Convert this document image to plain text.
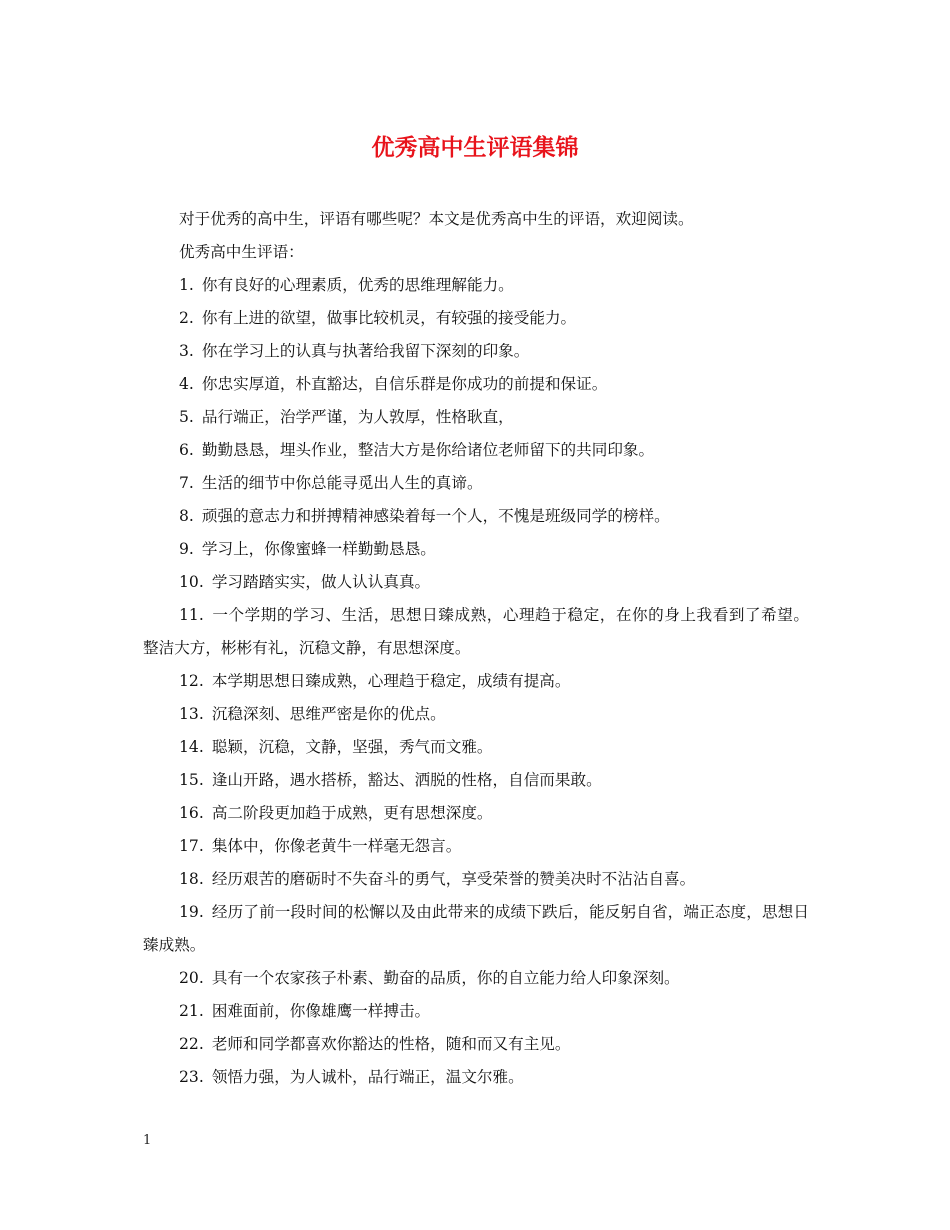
优秀高中生评语集锦

对于优秀的高中生，评语有哪些呢？本文是优秀高中生的评语，欢迎阅读。

优秀高中生评语：

1. 你有良好的心理素质，优秀的思维理解能力。

2. 你有上进的欲望，做事比较机灵，有较强的接受能力。

3. 你在学习上的认真与执著给我留下深刻的印象。

4. 你忠实厚道，朴直豁达，自信乐群是你成功的前提和保证。

5. 品行端正，治学严谨，为人敦厚，性格耿直，

6. 勤勤恳恳，埋头作业，整洁大方是你给诸位老师留下的共同印象。

7. 生活的细节中你总能寻觅出人生的真谛。

8. 顽强的意志力和拼搏精神感染着每一个人，不愧是班级同学的榜样。

9. 学习上，你像蜜蜂一样勤勤恳恳。

10. 学习踏踏实实，做人认认真真。

11. 一个学期的学习、生活，思想日臻成熟，心理趋于稳定，在你的身上我看到了希望。 整洁大方，彬彬有礼，沉稳文静，有思想深度。

12. 本学期思想日臻成熟，心理趋于稳定，成绩有提高。

13. 沉稳深刻、思维严密是你的优点。

14. 聪颖，沉稳，文静，坚强，秀气而文雅。

15. 逢山开路，遇水搭桥，豁达、洒脱的性格，自信而果敢。

16. 高二阶段更加趋于成熟，更有思想深度。

17. 集体中，你像老黄牛一样毫无怨言。

18. 经历艰苦的磨砺时不失奋斗的勇气，享受荣誉的赞美决时不沾沾自喜。

19. 经历了前一段时间的松懈以及由此带来的成绩下跌后，能反躬自省，端正态度，思想日臻成熟。

20. 具有一个农家孩子朴素、勤奋的品质，你的自立能力给人印象深刻。

21. 困难面前，你像雄鹰一样搏击。

22. 老师和同学都喜欢你豁达的性格，随和而又有主见。

23. 领悟力强，为人诚朴，品行端正，温文尔雅。

1
